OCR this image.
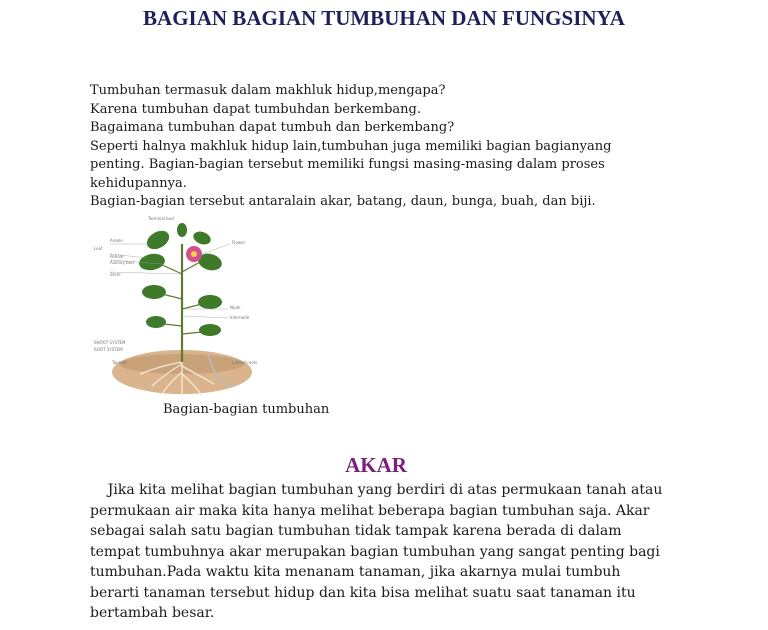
BAGIAN BAGIAN TUMBUHAN DAN FUNGSINYA

Tumbuhan termasuk dalam makhluk hidup,mengapa?

Karena tumbuhan dapat tumbuhdan berkembang.

Bagaimana tumbuhan dapat tumbuh dan berkembang?

Seperti halnya makhluk hidup lain,tumbuhan juga memiliki bagian bagianyang

penting. Bagian-bagian tersebut memiliki fungsi masing-masing dalam proses

kehidupannya.

Bagian-bagian tersebut antaralain akar, batang, daun, bunga, buah, dan biji.

Terminal bud
Leaf
Areole
Petiole
Axillary bud
Stem
Flower
Node
Internode
SHOOT SYSTEM
ROOT SYSTEM
Taproot	Lateral roots

Bagian-bagian tumbuhan

AKAR

Jika kita melihat bagian tumbuhan yang berdiri di atas permukaan tanah atau

permukaan air maka kita hanya melihat beberapa bagian tumbuhan saja. Akar

sebagai salah satu bagian tumbuhan tidak tampak karena berada di dalam

tempat tumbuhnya akar merupakan bagian tumbuhan yang sangat penting bagi

tumbuhan.Pada waktu kita menanam tanaman, jika akarnya mulai tumbuh

berarti tanaman tersebut hidup dan kita bisa melihat suatu saat tanaman itu

bertambah besar.
